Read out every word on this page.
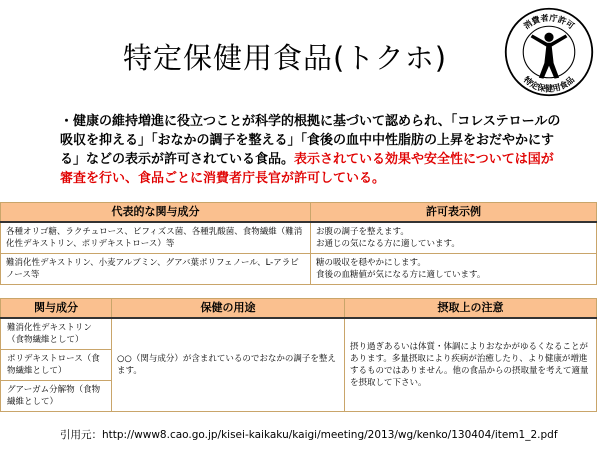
特定保健用食品(トクホ)
消費者庁許可
特定保健用食品
・健康の維持増進に役立つことが科学的根拠に基づいて認められ、「コレステロールの吸収を抑える」「おなかの調子を整える」「食後の血中中性脂肪の上昇をおだやかにする」などの表示が許可されている食品。表示されている効果や安全性については国が審査を行い、食品ごとに消費者庁長官が許可している。
代表的な関与成分	許可表示例
各種オリゴ糖、ラクチュロース、ビフィズス菌、各種乳酸菌、食物繊維（難消化性デキストリン、ポリデキストロース）等	お腹の調子を整えます。
お通じの気になる方に適しています。

難消化性デキストリン、小麦アルブミン、グアバ葉ポリフェノール、L-アラビノース等	糖の吸収を穏やかにします。
食後の血糖値が気になる方に適しています。
関与成分	保健の用途	摂取上の注意
難消化性デキストリン（食物繊維として）	○○（関与成分）が含まれているのでおなかの調子を整えます。	摂り過ぎあるいは体質・体調によりおなかがゆるくなることがあります。多量摂取により疾病が治癒したり、より健康が増進するものではありません。他の食品からの摂取量を考えて適量を摂取して下さい。
ポリデキストロース（食物繊維として）		
グアーガム分解物（食物繊維として）		
引用元：http://www8.cao.go.jp/kisei-kaikaku/kaigi/meeting/2013/wg/kenko/130404/item1_2.pdf
